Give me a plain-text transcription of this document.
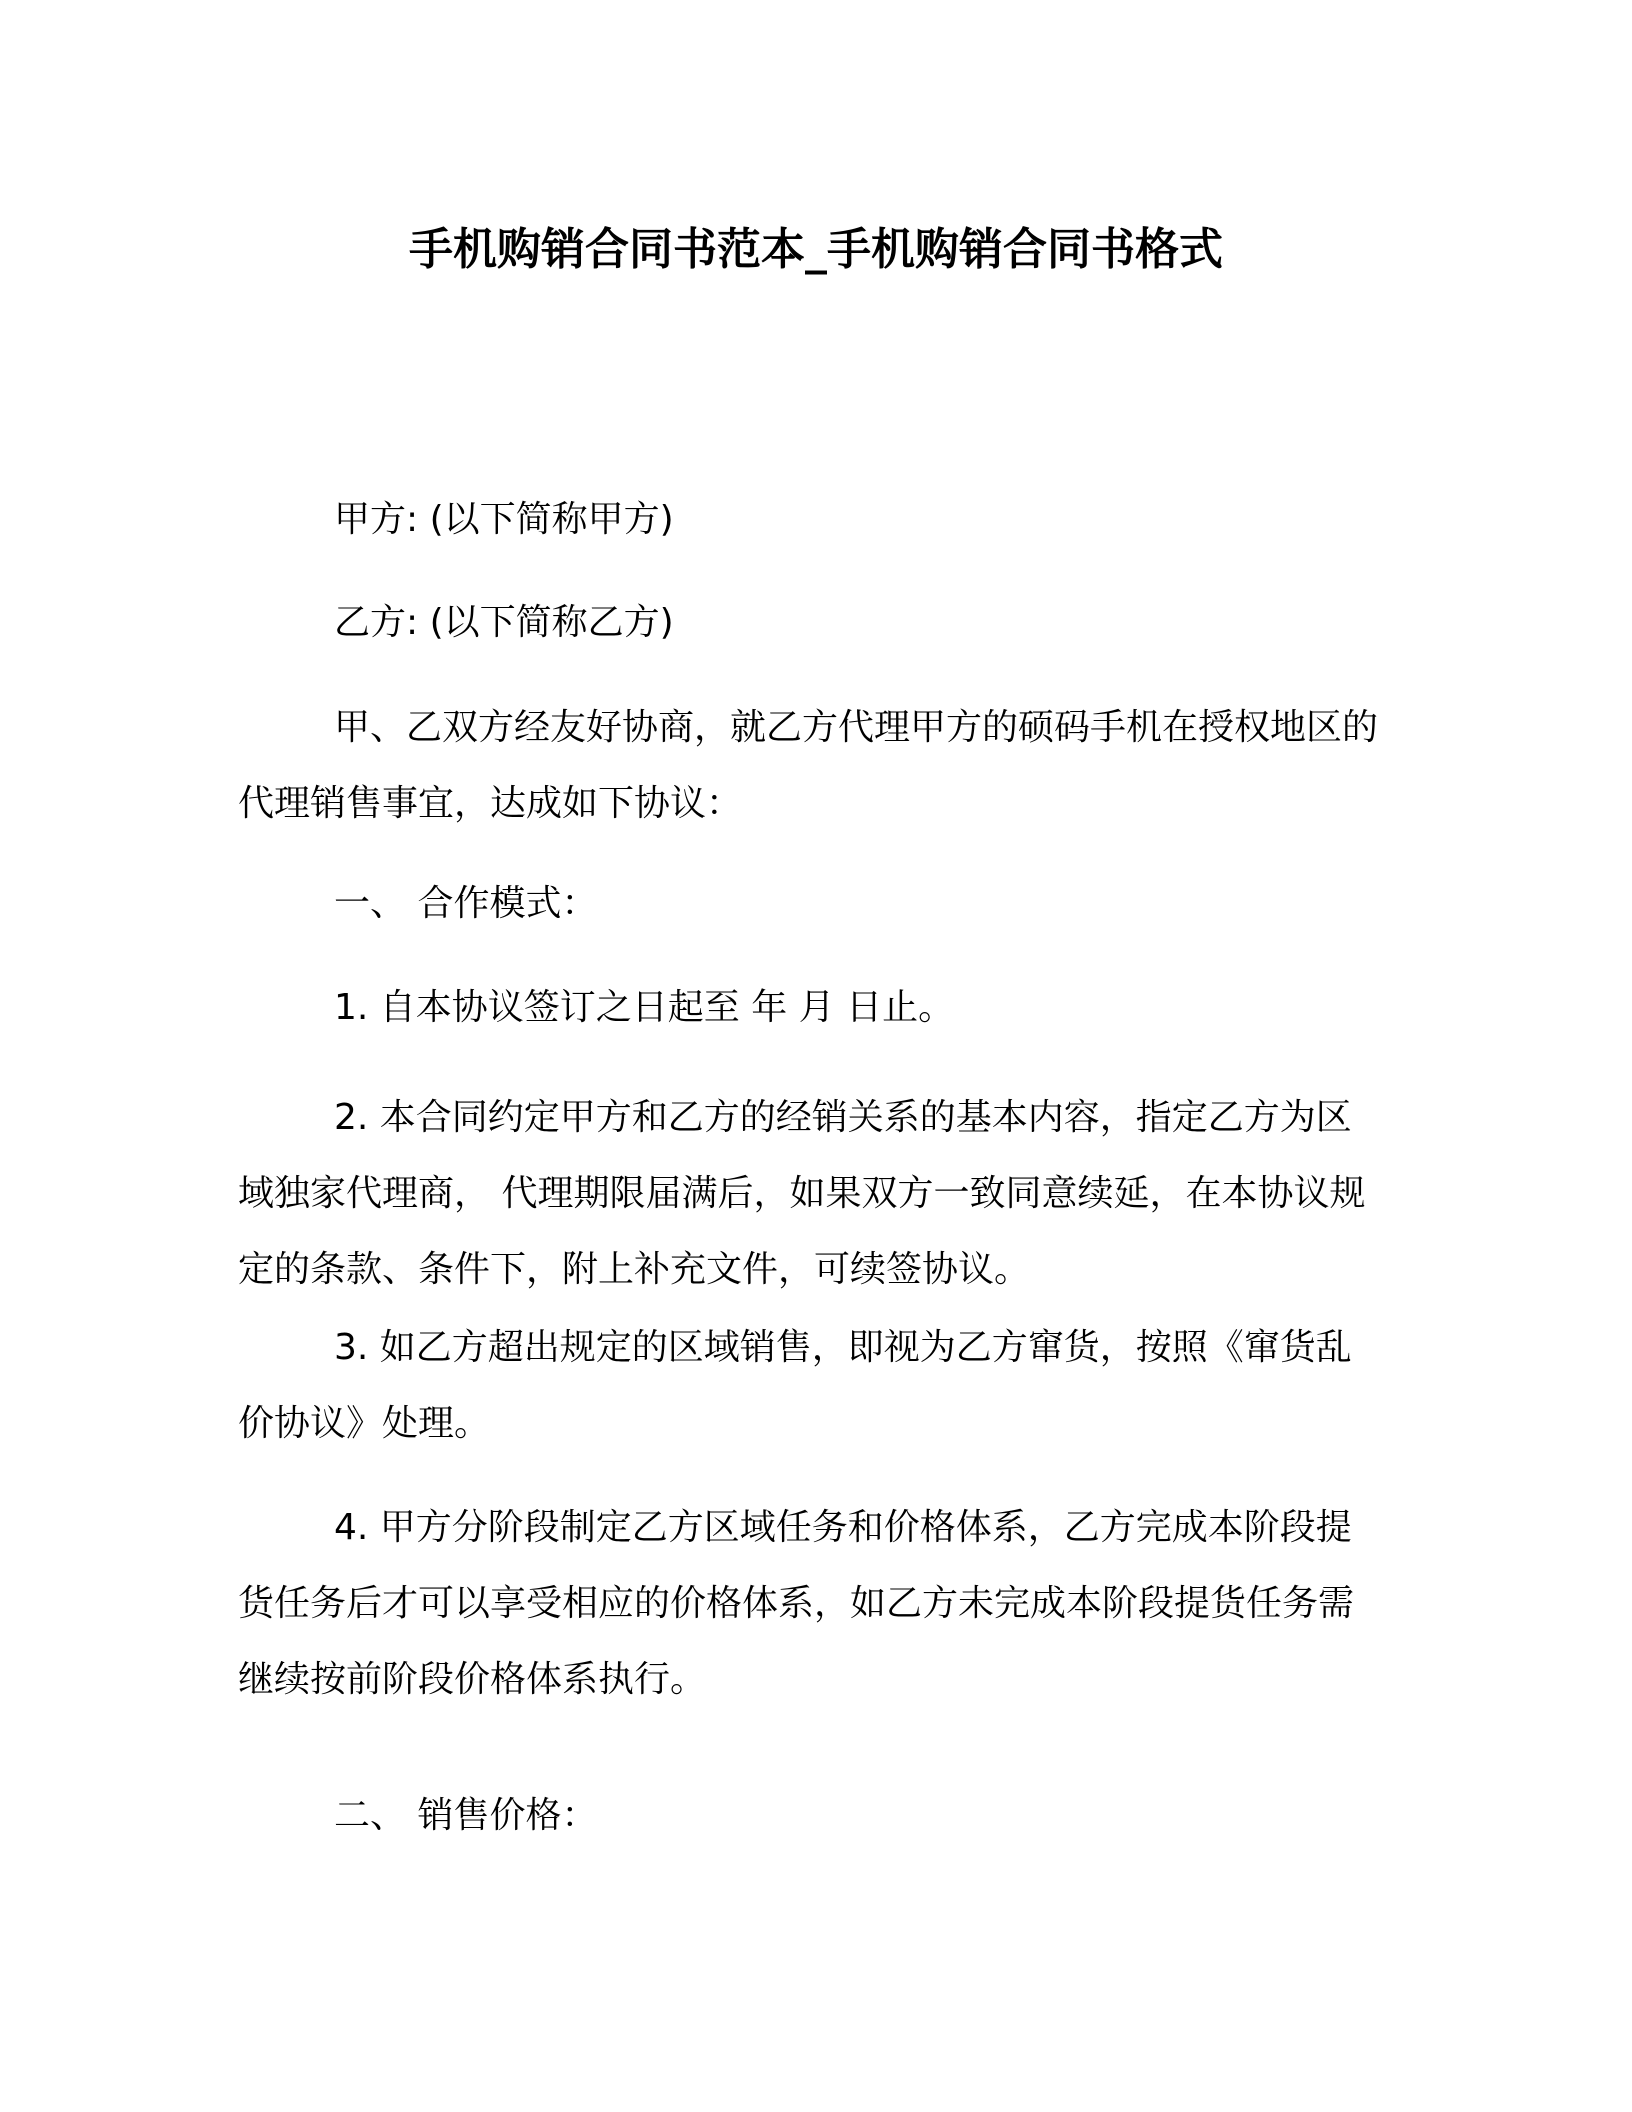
手机购销合同书范本_手机购销合同书格式

甲方: (以下简称甲方)

乙方: (以下简称乙方)

甲、乙双方经友好协商，就乙方代理甲方的硕码手机在授权地区的代理销售事宜，达成如下协议：

一、 合作模式：

1. 自本协议签订之日起至 年 月 日止。

2. 本合同约定甲方和乙方的经销关系的基本内容，指定乙方为区域独家代理商， 代理期限届满后，如果双方一致同意续延，在本协议规定的条款、条件下，附上补充文件，可续签协议。

3. 如乙方超出规定的区域销售，即视为乙方窜货，按照《窜货乱价协议》处理。

4. 甲方分阶段制定乙方区域任务和价格体系，乙方完成本阶段提货任务后才可以享受相应的价格体系，如乙方未完成本阶段提货任务需继续按前阶段价格体系执行。

二、 销售价格：
